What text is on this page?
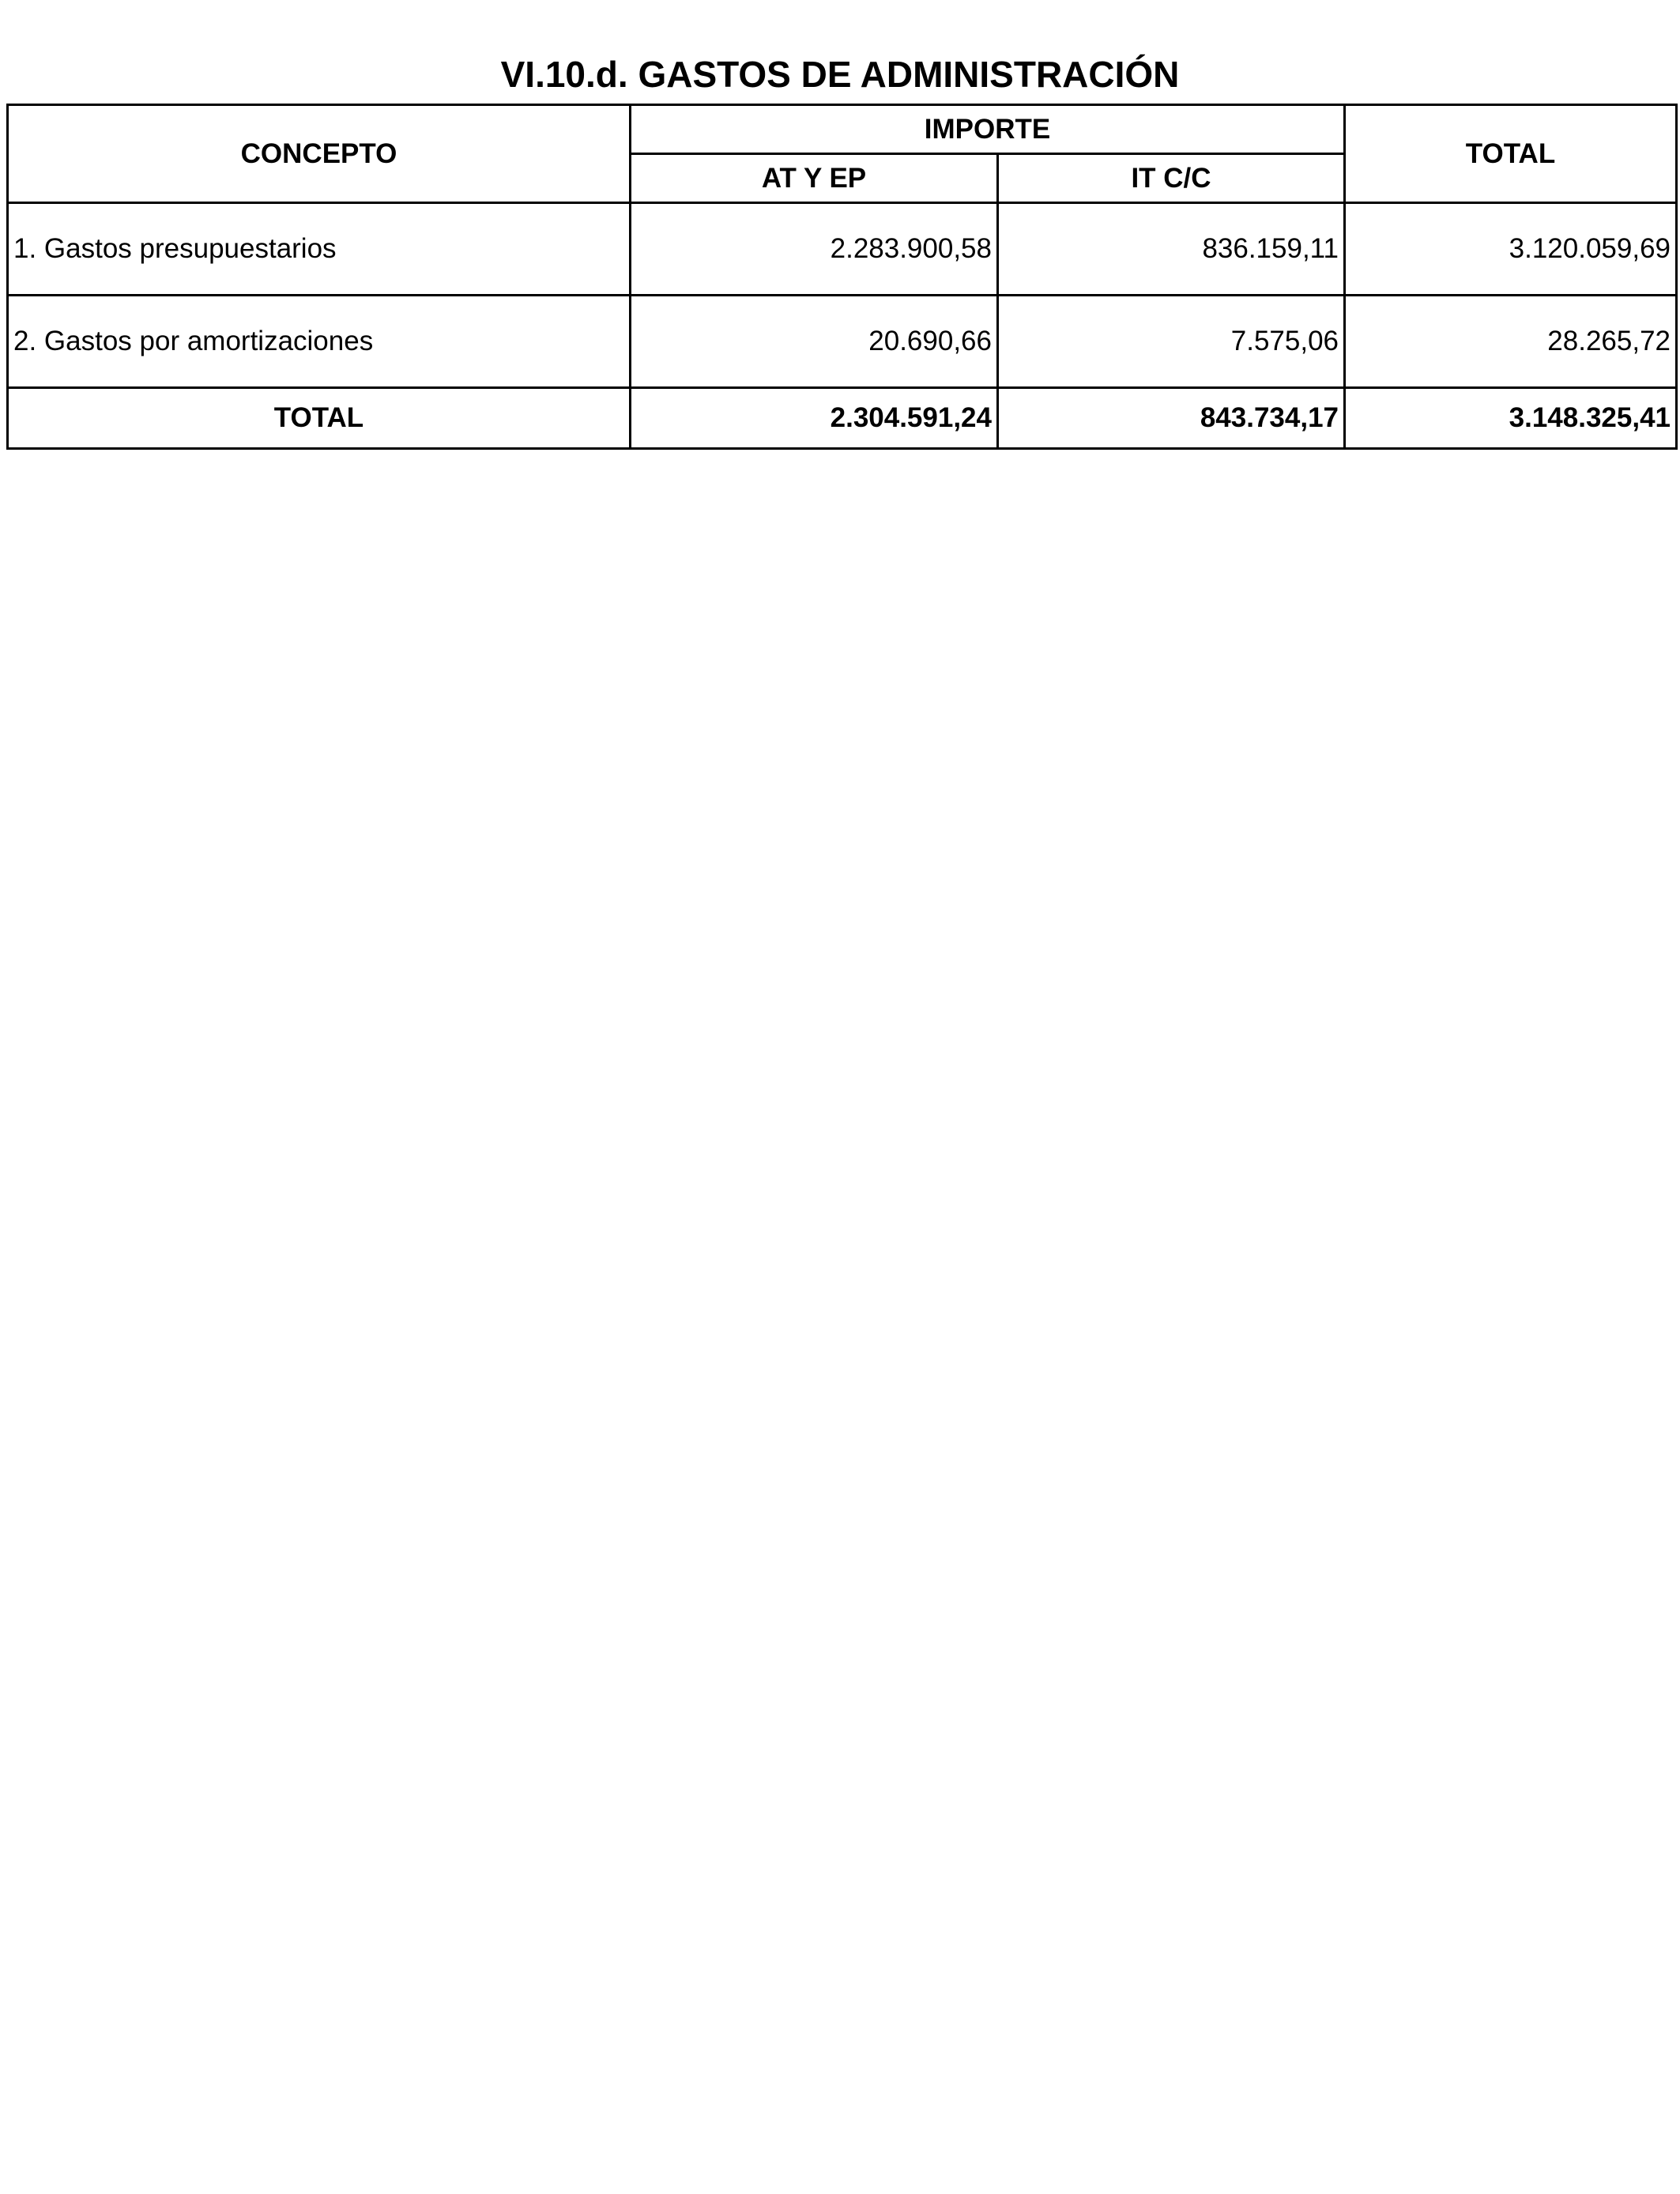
VI.10.d. GASTOS DE ADMINISTRACIÓN
CONCEPTO	IMPORTE		TOTAL
	AT Y EP	IT C/C	
1. Gastos presupuestarios	2.283.900,58	836.159,11	3.120.059,69
2. Gastos por amortizaciones	20.690,66	7.575,06	28.265,72
TOTAL	2.304.591,24	843.734,17	3.148.325,41
